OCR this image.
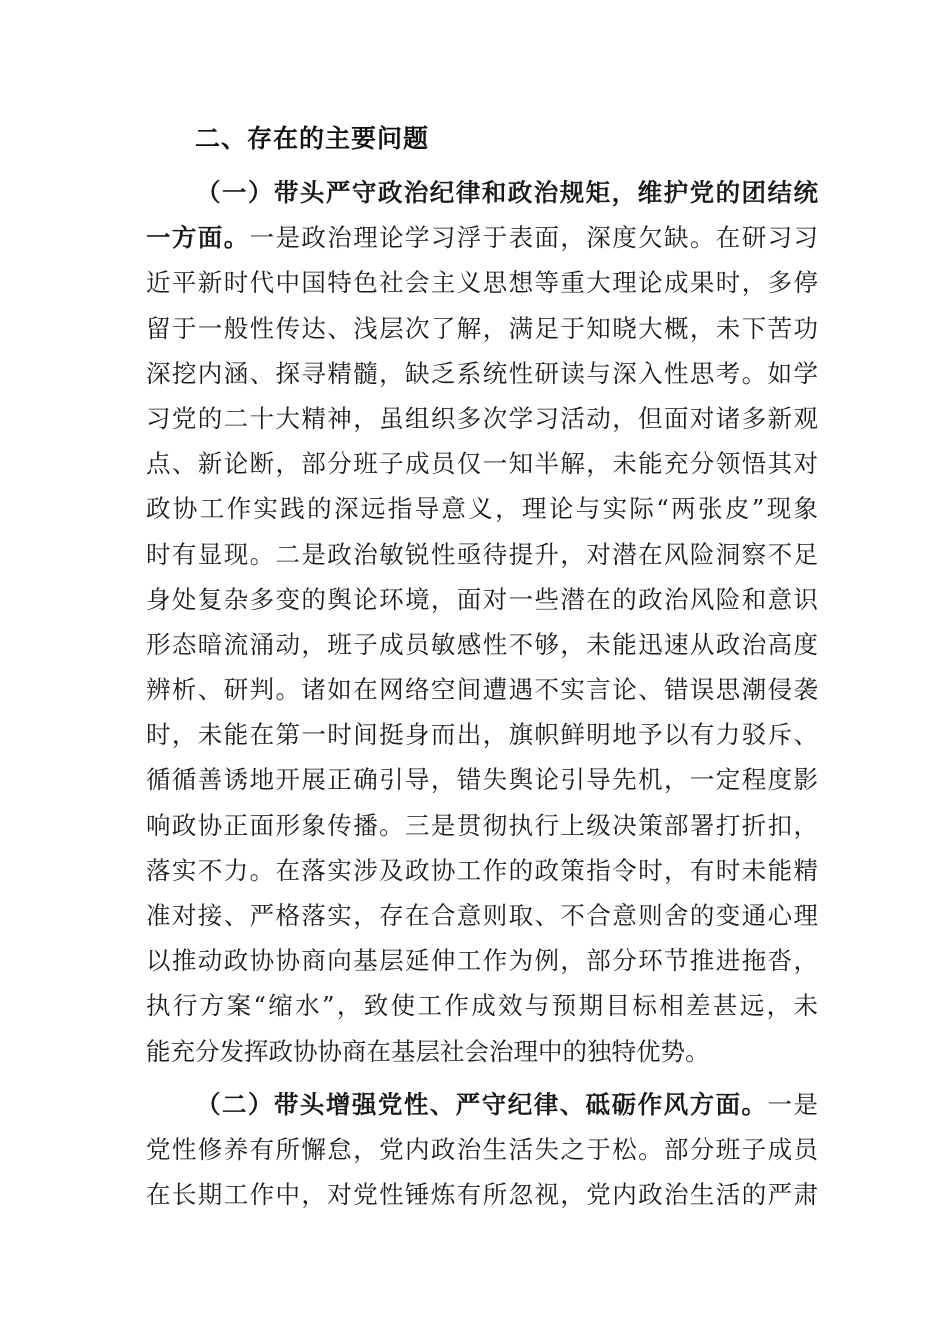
二、存在的主要问题
（一）带头严守政治纪律和政治规矩，维护党的团结统
一方面。一是政治理论学习浮于表面，深度欠缺。在研习习
近平新时代中国特色社会主义思想等重大理论成果时，多停
留于一般性传达、浅层次了解，满足于知晓大概，未下苦功
深挖内涵、探寻精髓，缺乏系统性研读与深入性思考。如学
习党的二十大精神，虽组织多次学习活动，但面对诸多新观
点、新论断，部分班子成员仅一知半解，未能充分领悟其对
政协工作实践的深远指导意义，理论与实际“两张皮”现象
时有显现。二是政治敏锐性亟待提升，对潜在风险洞察不足
身处复杂多变的舆论环境，面对一些潜在的政治风险和意识
形态暗流涌动，班子成员敏感性不够，未能迅速从政治高度
辨析、研判。诸如在网络空间遭遇不实言论、错误思潮侵袭
时，未能在第一时间挺身而出，旗帜鲜明地予以有力驳斥、
循循善诱地开展正确引导，错失舆论引导先机，一定程度影
响政协正面形象传播。三是贯彻执行上级决策部署打折扣，
落实不力。在落实涉及政协工作的政策指令时，有时未能精
准对接、严格落实，存在合意则取、不合意则舍的变通心理
以推动政协协商向基层延伸工作为例，部分环节推进拖沓，
执行方案“缩水”，致使工作成效与预期目标相差甚远，未
能充分发挥政协协商在基层社会治理中的独特优势。
（二）带头增强党性、严守纪律、砥砺作风方面。一是
党性修养有所懈怠，党内政治生活失之于松。部分班子成员
在长期工作中，对党性锤炼有所忽视，党内政治生活的严肃
